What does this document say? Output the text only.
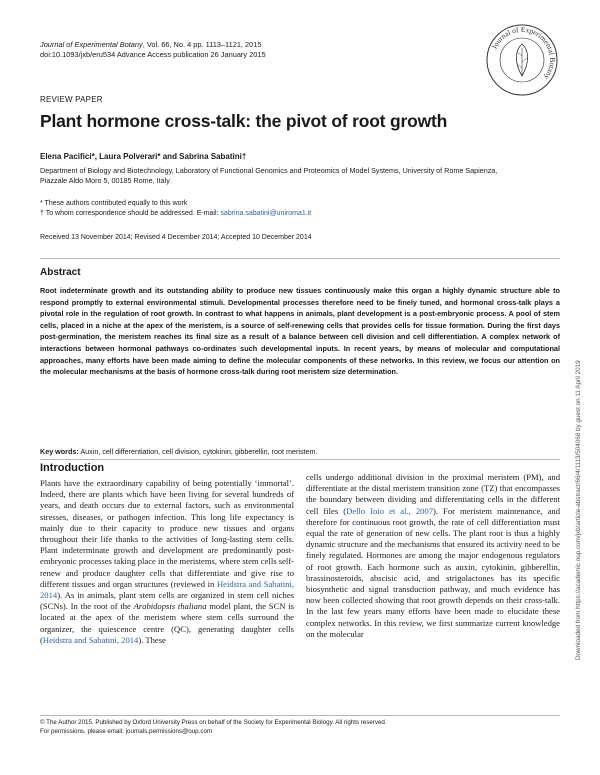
Journal of Experimental Botany, Vol. 66, No. 4 pp. 1113–1121, 2015
doi:10.1093/jxb/eru534 Advance Access publication 26 January 2015
Journal of Experimental Botany
REVIEW PAPER
Plant hormone cross-talk: the pivot of root growth
Elena Pacifici*, Laura Polverari* and Sabrina Sabatini†
Department of Biology and Biotechnology, Laboratory of Functional Genomics and Proteomics of Model Systems, University of Rome Sapienza, Piazzale Aldo Moro 5, 00185 Rome, Italy
* These authors contributed equally to this work
† To whom correspondence should be addressed. E-mail: sabrina.sabatini@uniroma1.it
Received 13 November 2014; Revised 4 December 2014; Accepted 10 December 2014
Abstract

Root indeterminate growth and its outstanding ability to produce new tissues continuously make this organ a highly dynamic structure able to respond promptly to external environmental stimuli. Developmental processes therefore need to be finely tuned, and hormonal cross-talk plays a pivotal role in the regulation of root growth. In contrast to what happens in animals, plant development is a post-embryonic process. A pool of stem cells, placed in a niche at the apex of the meristem, is a source of self-renewing cells that provides cells for tissue formation. During the first days post-germination, the meristem reaches its final size as a result of a balance between cell division and cell differentiation. A complex network of interactions between hormonal pathways co-ordinates such developmental inputs. In recent years, by means of molecular and computational approaches, many efforts have been made aiming to define the molecular components of these networks. In this review, we focus our attention on the molecular mechanisms at the basis of hormone cross-talk during root meristem size determination.

Key words: Auxin, cell differentiation, cell division, cytokinin, gibberellin, root meristem.
Introduction

Plants have the extraordinary capability of being potentially ‘immortal’. Indeed, there are plants which have been living for several hundreds of years, and death occurs due to external factors, such as environmental stresses, diseases, or pathogen infection. This long life expectancy is mainly due to their capacity to produce new tissues and organs throughout their life thanks to the activities of long-lasting stem cells. Plant indeterminate growth and development are predominantly post-embryonic processes taking place in the meristems, where stem cells self-renew and produce daughter cells that differentiate and give rise to different tissues and organ structures (reviewed in Heidstra and Sabatini, 2014). As in animals, plant stem cells are organized in stem cell niches (SCNs). In the root of the Arabidopsis thaliana model plant, the SCN is located at the apex of the meristem where stem cells surround the organizer, the quiescence centre (QC), generating daughter cells (Heidstra and Sabatini, 2014). These

cells undergo additional division in the proximal meristem (PM), and differentiate at the distal meristem transition zone (TZ) that encompasses the boundary between dividing and differentiating cells in the different cell files (Dello Ioio et al., 2007). For meristem maintenance, and therefore for continuous root growth, the rate of cell differentiation must equal the rate of generation of new cells. The plant root is thus a highly dynamic structure and the mechanisms that ensured its activity need to be finely regulated. Hormones are among the major endogenous regulators of root growth. Each hormone such as auxin, cytokinin, gibberellin, brassinosteroids, abscisic acid, and strigolactones has its specific biosynthetic and signal transduction pathway, and much evidence has now been collected showing that root growth depends on their cross-talk. In the last few years many efforts have been made to elucidate these complex networks. In this review, we first summarize current knowledge on the molecular

© The Author 2015. Published by Oxford University Press on behalf of the Society for Experimental Biology. All rights reserved.
For permissions, please email: journals.permissions@oup.com
Downloaded from https://academic.oup.com/jxb/article-abstract/66/4/1113/504068 by guest on 11 April 2019
